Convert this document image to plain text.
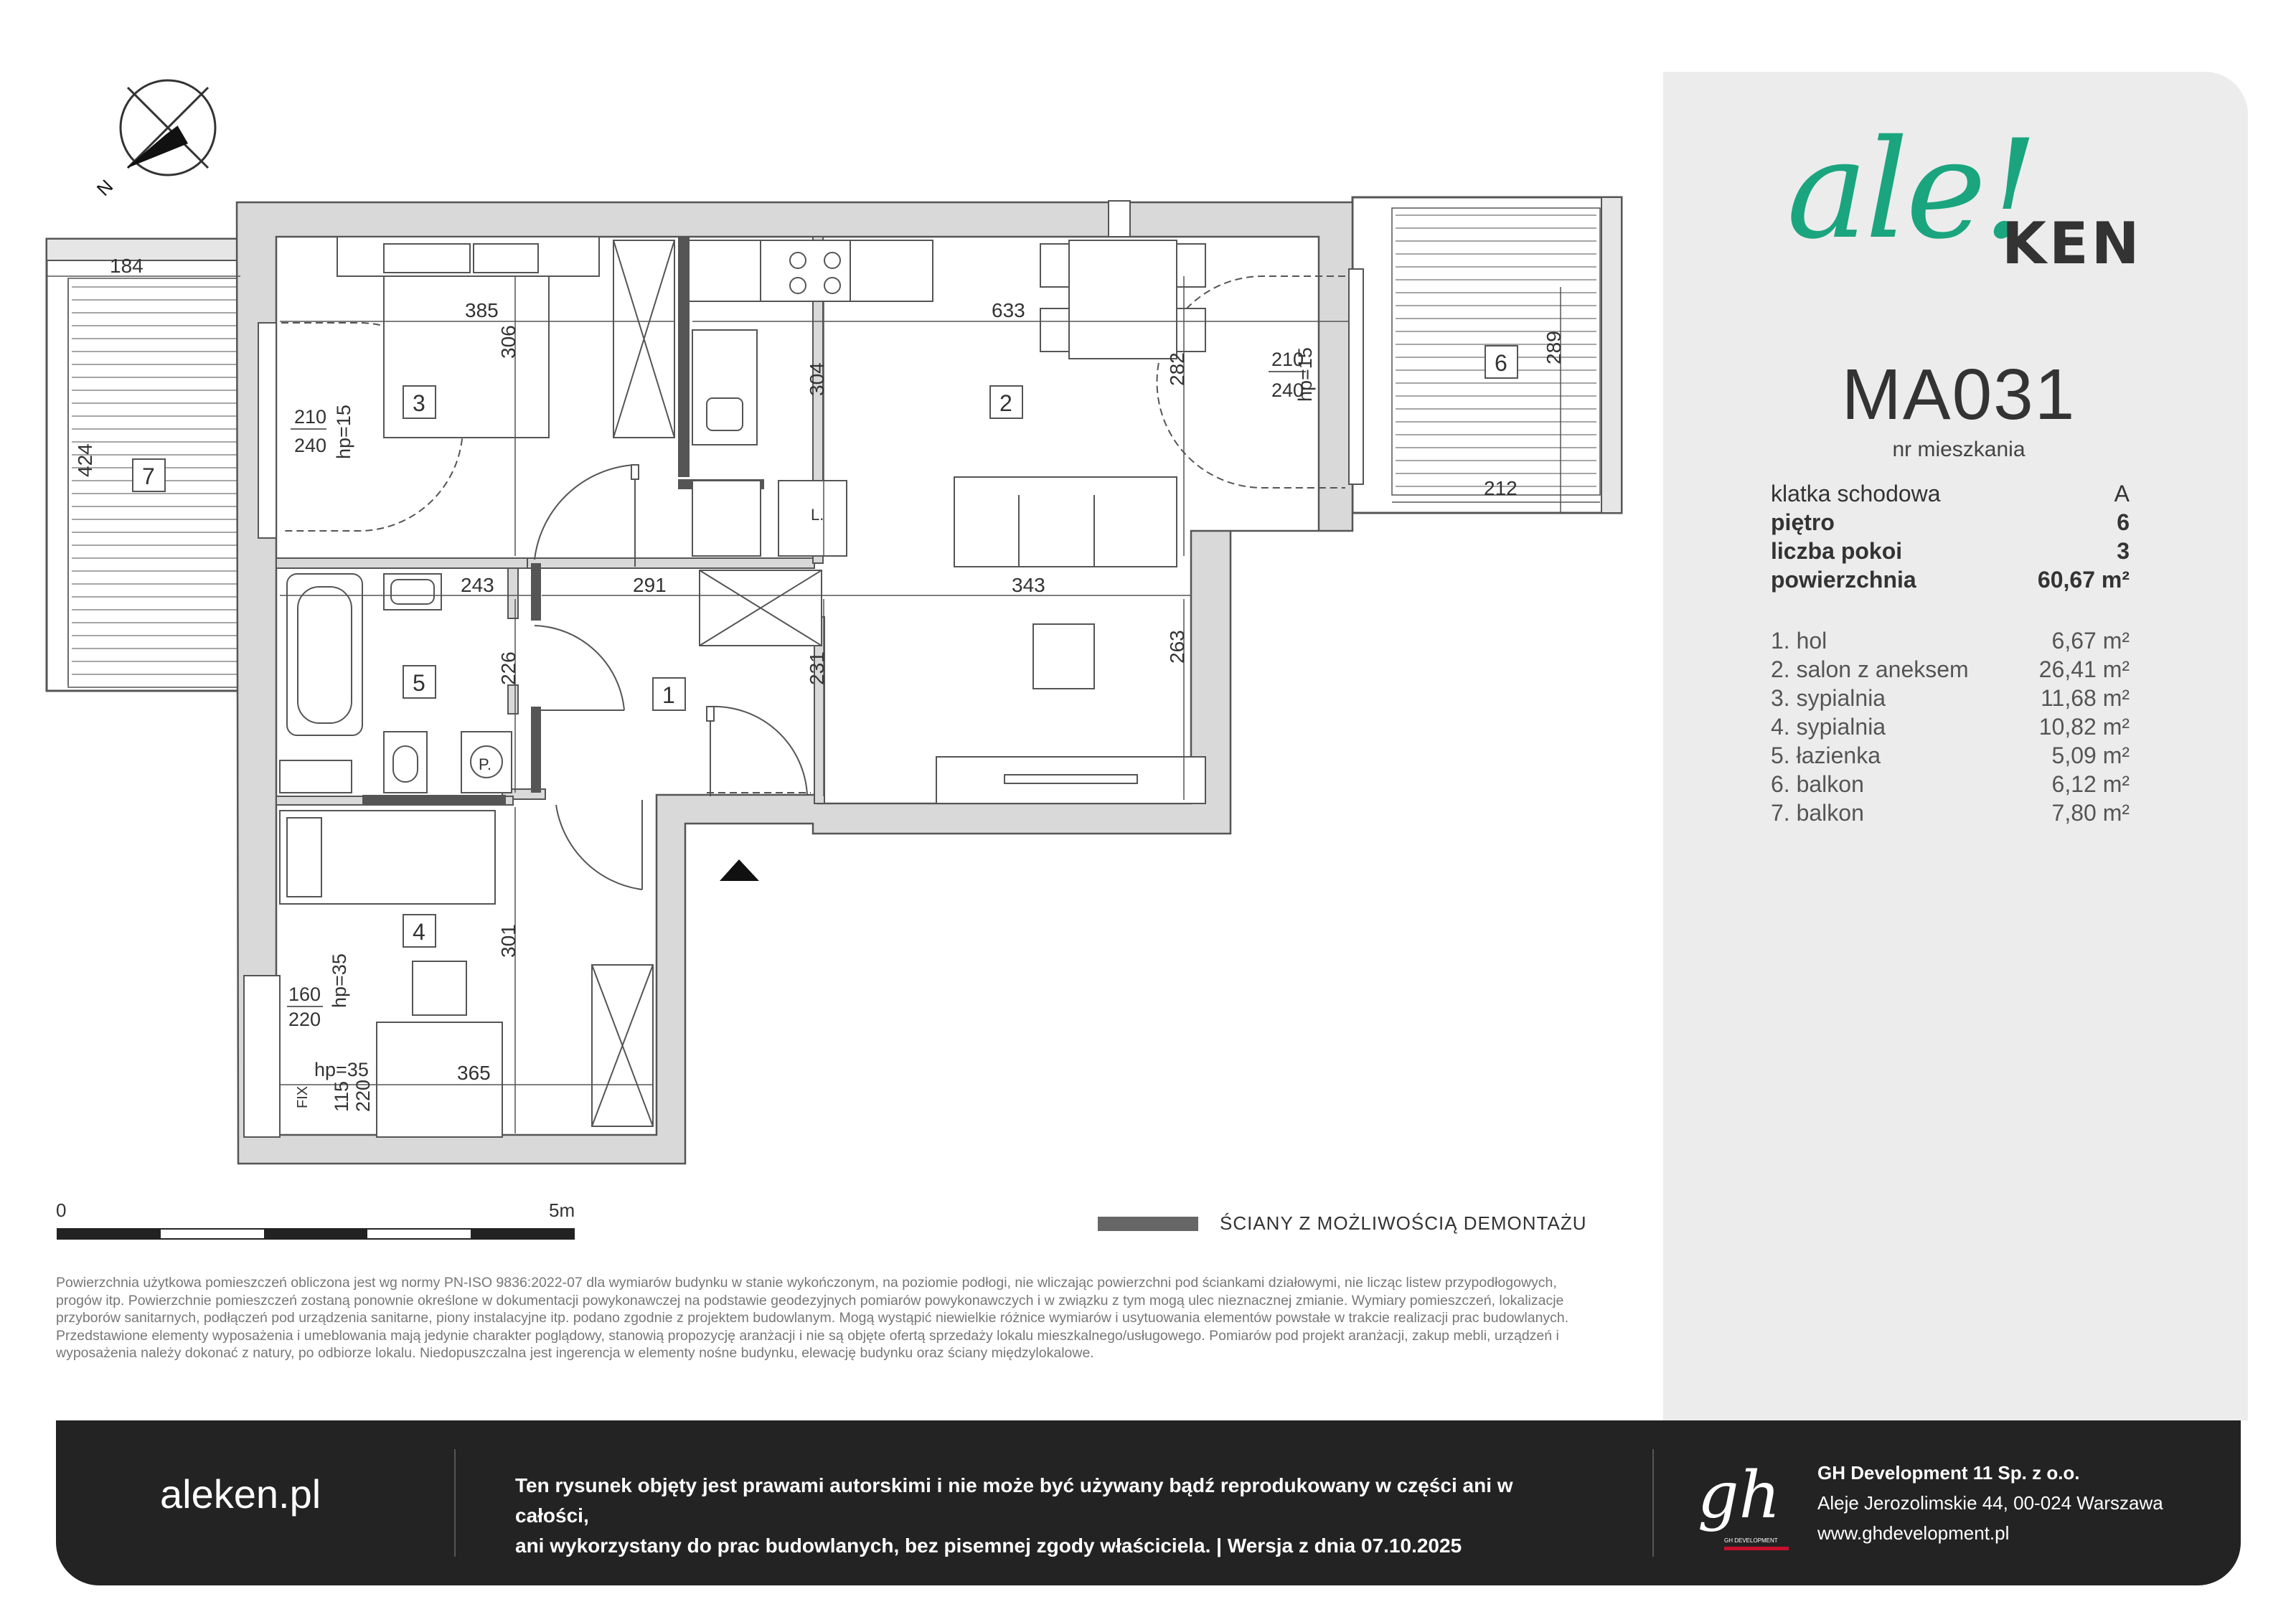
N
184
385
306
633
304	282
289
424
212
243	291	343
226	231
263
301
365
210
240 hp=15
210
240
hp=15
160
220
hp=35
hp=35
115 220
FIX
1
2
3
4
5
6
7
P.
L.
0	5m
ŚCIANY Z MOŻLIWOŚCIĄ DEMONTAŻU
Powierzchnia użytkowa pomieszczeń obliczona jest wg normy PN-ISO 9836:2022-07 dla wymiarów budynku w stanie wykończonym, na poziomie podłogi, nie wliczając powierzchni pod ściankami działowymi, nie licząc listew przypodłogowych, progów itp. Powierzchnie pomieszczeń zostaną ponownie określone w dokumentacji powykonawczej na podstawie geodezyjnych pomiarów powykonawczych i w związku z tym mogą ulec nieznacznej zmianie. Wymiary pomieszczeń, lokalizacje przyborów sanitarnych, podłączeń pod urządzenia sanitarne, piony instalacyjne itp. podano zgodnie z projektem budowlanym. Mogą wystąpić niewielkie różnice wymiarów i usytuowania elementów powstałe w trakcie realizacji prac budowlanych. Przedstawione elementy wyposażenia i umeblowania mają jedynie charakter poglądowy, stanowią propozycję aranżacji i nie są objęte ofertą sprzedaży lokalu mieszkalnego/usługowego. Pomiarów pod projekt aranżacji, zakup mebli, urządzeń i wyposażenia należy dokonać z natury, po odbiorze lokalu. Niedopuszczalna jest ingerencja w elementy nośne budynku, elewację budynku oraz ściany międzylokalowe.
ale!
KEN
MA031
nr mieszkania
klatka schodowa	A
piętro	6
liczba pokoi	3
powierzchnia	60,67 m²
1. hol	6,67 m²
2. salon z aneksem	26,41 m²
3. sypialnia	11,68 m²
4. sypialnia	10,82 m²
5. łazienka	5,09 m²
6. balkon	6,12 m²
7. balkon	7,80 m²
aleken.pl	Ten rysunek objęty jest prawami autorskimi i nie może być używany bądź reprodukowany w części ani w całości,
ani wykorzystany do prac budowlanych, bez pisemnej zgody właściciela. | Wersja z dnia 07.10.2025
gh
GH DEVELOPMENT
GH Development 11 Sp. z o.o.
Aleje Jerozolimskie 44, 00-024 Warszawa
www.ghdevelopment.pl
